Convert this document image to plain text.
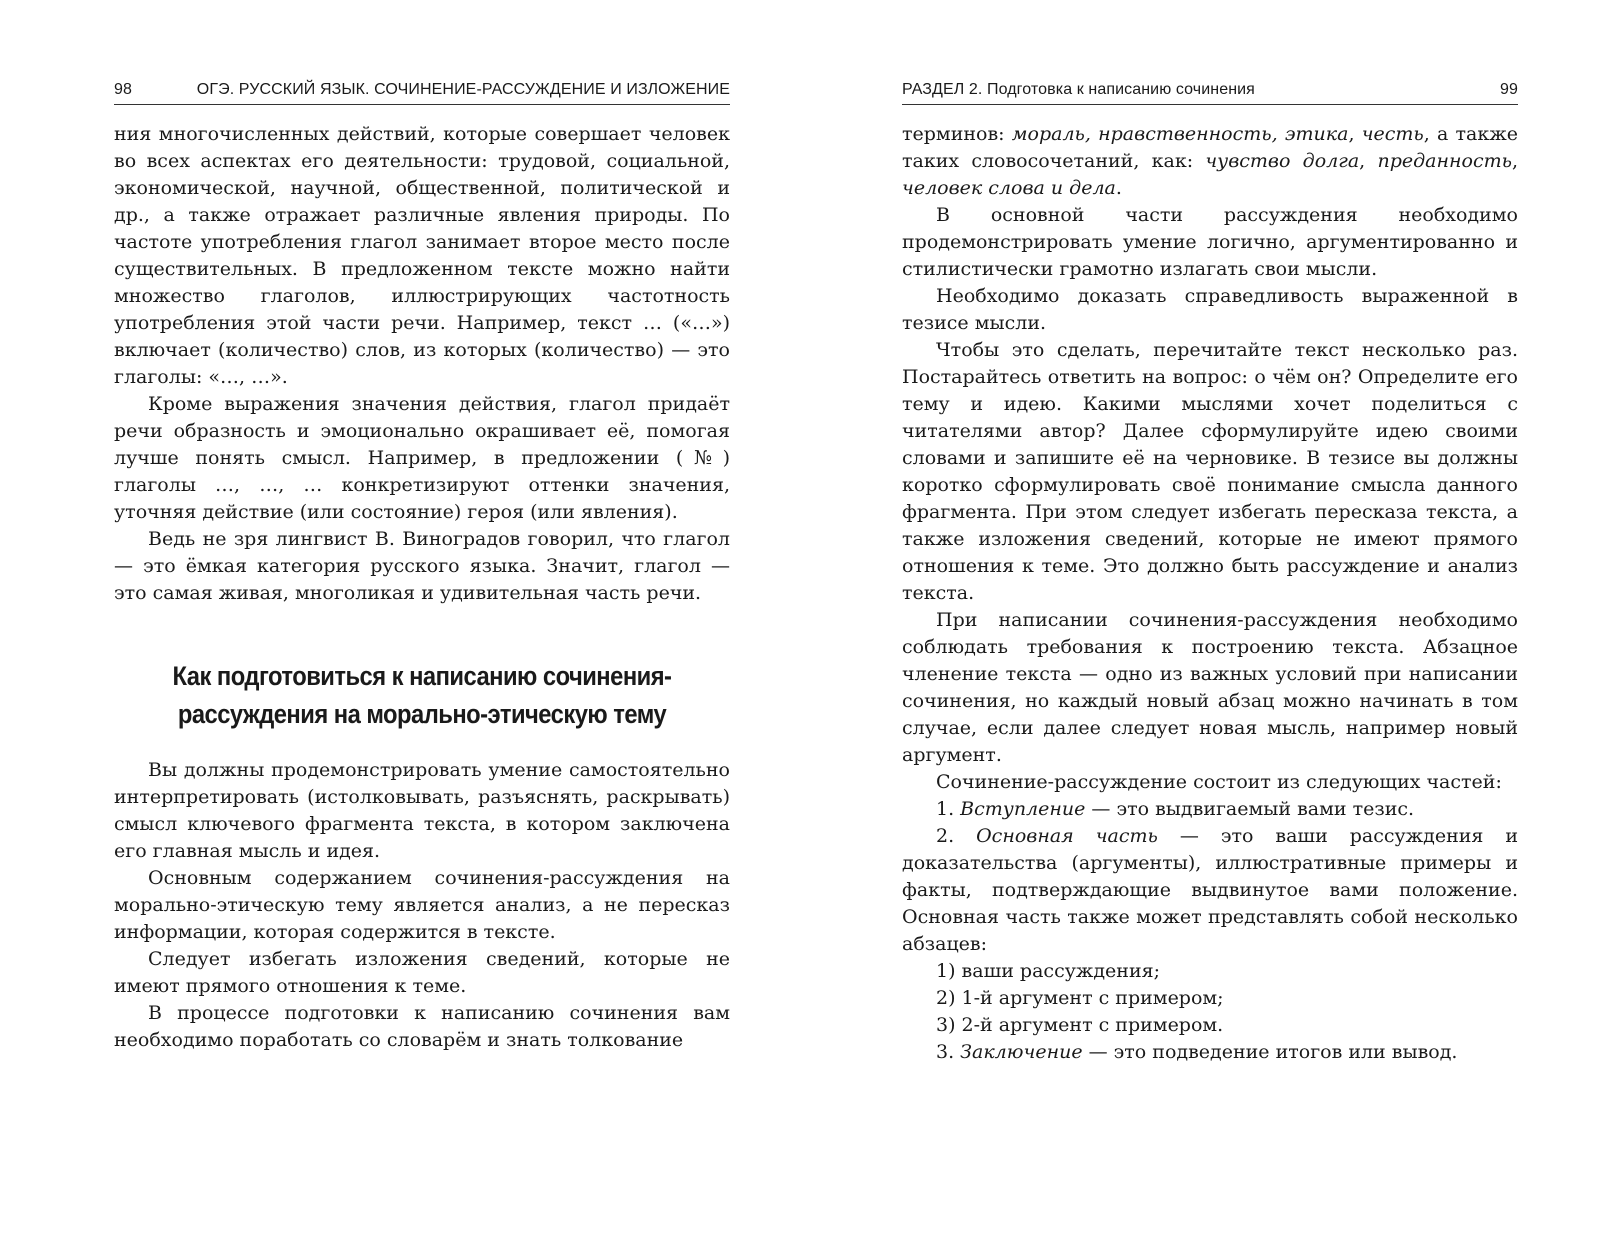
98	ОГЭ. РУССКИЙ ЯЗЫК. СОЧИНЕНИЕ-РАССУЖДЕНИЕ И ИЗЛОЖЕНИЕ

ния многочисленных действий, которые совершает человек во всех аспектах его деятельности: трудовой, социальной, экономической, научной, общественной, политической и др., а также отражает различные явления природы. По частоте употребления глагол занимает второе место после существительных. В предложенном тексте можно найти множество глаголов, иллюстрирующих частотность употребления этой части речи. Например, текст … («…») включает (количество) слов, из которых (количество) — это глаголы: «…, …».

Кроме выражения значения действия, глагол придаёт речи образность и эмоционально окрашивает её, помогая лучше понять смысл. Например, в предложении (№) глаголы …, …, … конкретизируют оттенки значения, уточняя действие (или состояние) героя (или явления).

Ведь не зря лингвист В. Виноградов говорил, что глагол — это ёмкая категория русского языка. Значит, глагол — это самая живая, многоликая и удивительная часть речи.

Как подготовиться к написанию сочинения-
рассуждения на морально-этическую тему

Вы должны продемонстрировать умение самостоятельно интерпретировать (истолковывать, разъяснять, раскрывать) смысл ключевого фрагмента текста, в котором заключена его главная мысль и идея.

Основным содержанием сочинения-рассуждения на морально-этическую тему является анализ, а не пересказ информации, которая содержится в тексте.

Следует избегать изложения сведений, которые не имеют прямого отношения к теме.

В процессе подготовки к написанию сочинения вам необходимо поработать со словарём и знать толкование

РАЗДЕЛ 2. Подготовка к написанию сочинения	99

терминов: мораль, нравственность, этика, честь, а также таких словосочетаний, как: чувство долга, преданность, человек слова и дела.

В основной части рассуждения необходимо продемонстрировать умение логично, аргументированно и стилистически грамотно излагать свои мысли.

Необходимо доказать справедливость выраженной в тезисе мысли.

Чтобы это сделать, перечитайте текст несколько раз. Постарайтесь ответить на вопрос: о чём он? Определите его тему и идею. Какими мыслями хочет поделиться с читателями автор? Далее сформулируйте идею своими словами и запишите её на черновике. В тезисе вы должны коротко сформулировать своё понимание смысла данного фрагмента. При этом следует избегать пересказа текста, а также изложения сведений, которые не имеют прямого отношения к теме. Это должно быть рассуждение и анализ текста.

При написании сочинения-рассуждения необходимо соблюдать требования к построению текста. Абзацное членение текста — одно из важных условий при написании сочинения, но каждый новый абзац можно начинать в том случае, если далее следует новая мысль, например новый аргумент.

Сочинение-рассуждение состоит из следующих частей:

1. Вступление — это выдвигаемый вами тезис.

2. Основная часть — это ваши рассуждения и доказательства (аргументы), иллюстративные примеры и факты, подтверждающие выдвинутое вами положение. Основная часть также может представлять собой несколько абзацев:

1) ваши рассуждения;

2) 1-й аргумент с примером;

3) 2-й аргумент с примером.

3. Заключение — это подведение итогов или вывод.
